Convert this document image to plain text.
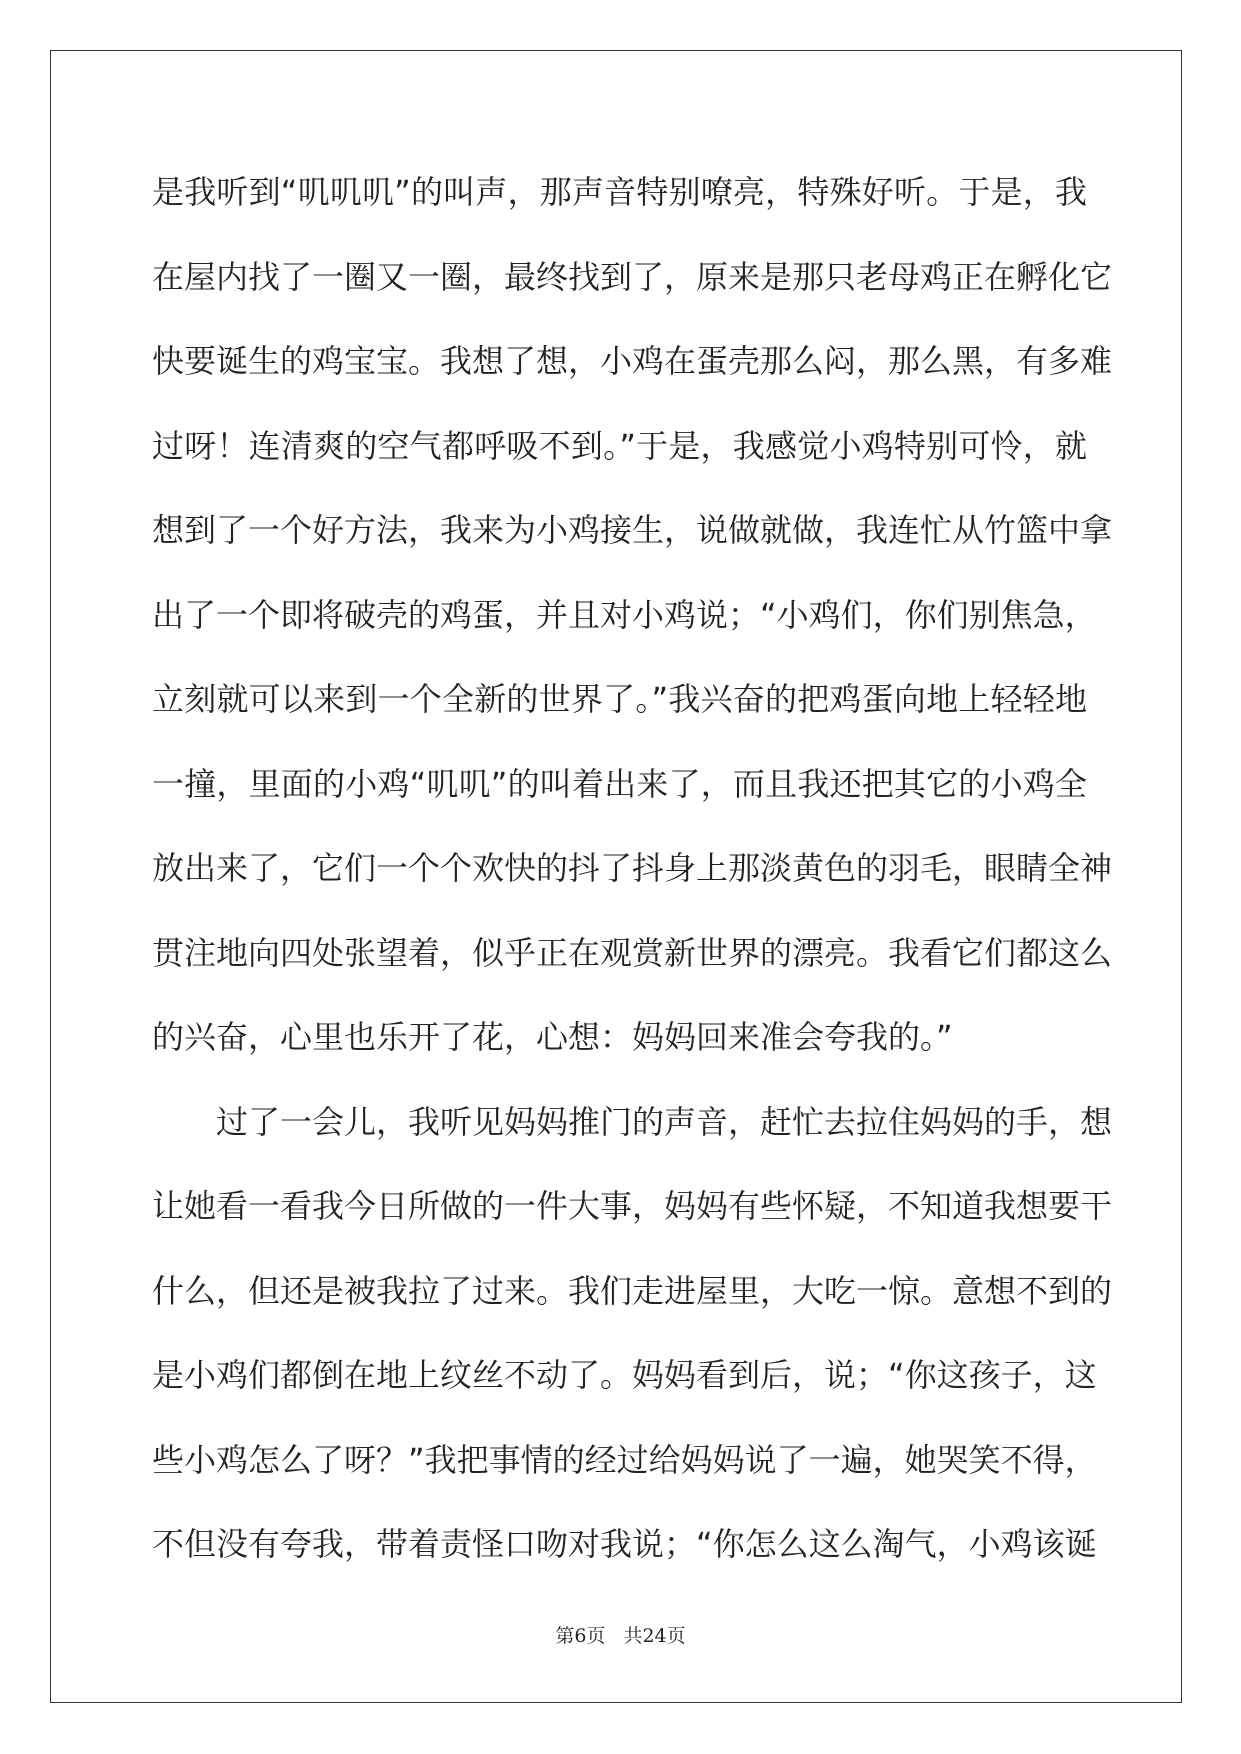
是我听到“叽叽叽”的叫声，那声音特别嘹亮，特殊好听。于是，我
在屋内找了一圈又一圈，最终找到了，原来是那只老母鸡正在孵化它
快要诞生的鸡宝宝。我想了想，小鸡在蛋壳那么闷，那么黑，有多难
过呀！连清爽的空气都呼吸不到。”于是，我感觉小鸡特别可怜，就
想到了一个好方法，我来为小鸡接生，说做就做，我连忙从竹篮中拿
出了一个即将破壳的鸡蛋，并且对小鸡说；“小鸡们，你们别焦急，
立刻就可以来到一个全新的世界了。”我兴奋的把鸡蛋向地上轻轻地
一撞，里面的小鸡“叽叽”的叫着出来了，而且我还把其它的小鸡全
放出来了，它们一个个欢快的抖了抖身上那淡黄色的羽毛，眼睛全神
贯注地向四处张望着，似乎正在观赏新世界的漂亮。我看它们都这么
的兴奋，心里也乐开了花，心想：妈妈回来准会夸我的。”
　　过了一会儿，我听见妈妈推门的声音，赶忙去拉住妈妈的手，想
让她看一看我今日所做的一件大事，妈妈有些怀疑，不知道我想要干
什么，但还是被我拉了过来。我们走进屋里，大吃一惊。意想不到的
是小鸡们都倒在地上纹丝不动了。妈妈看到后，说；“你这孩子，这
些小鸡怎么了呀？”我把事情的经过给妈妈说了一遍，她哭笑不得，
不但没有夸我，带着责怪口吻对我说；“你怎么这么淘气，小鸡该诞
第6页 共24页
